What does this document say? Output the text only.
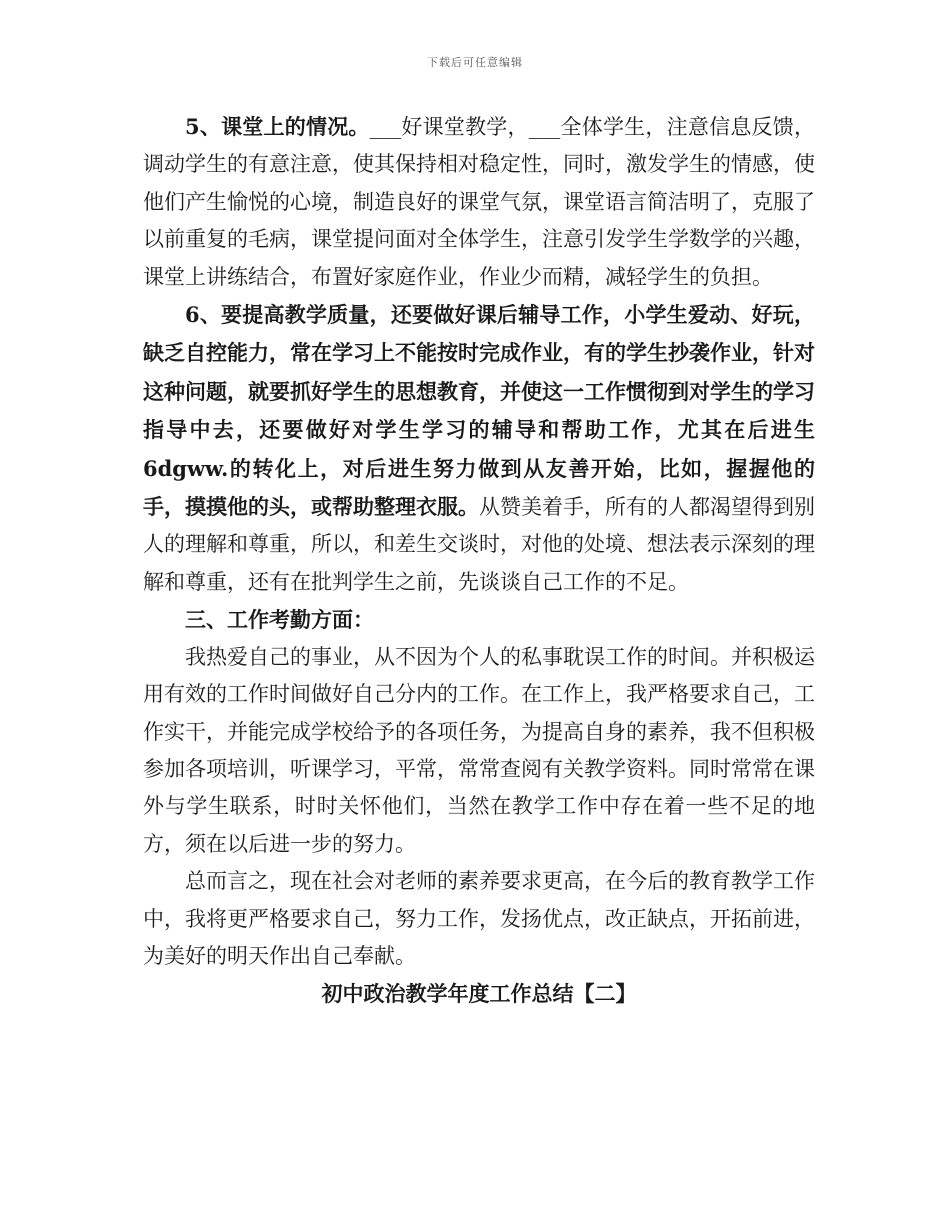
下载后可任意编辑

5、课堂上的情况。___好课堂教学，___全体学生，注意信息反馈，调动学生的有意注意，使其保持相对稳定性，同时，激发学生的情感，使他们产生愉悦的心境，制造良好的课堂气氛，课堂语言简洁明了，克服了以前重复的毛病，课堂提问面对全体学生，注意引发学生学数学的兴趣，课堂上讲练结合，布置好家庭作业，作业少而精，减轻学生的负担。

6、要提高教学质量，还要做好课后辅导工作，小学生爱动、好玩，缺乏自控能力，常在学习上不能按时完成作业，有的学生抄袭作业，针对这种问题，就要抓好学生的思想教育，并使这一工作惯彻到对学生的学习指导中去，还要做好对学生学习的辅导和帮助工作，尤其在后进生6dgww.的转化上，对后进生努力做到从友善开始，比如，握握他的手，摸摸他的头，或帮助整理衣服。从赞美着手，所有的人都渴望得到别人的理解和尊重，所以，和差生交谈时，对他的处境、想法表示深刻的理解和尊重，还有在批判学生之前，先谈谈自己工作的不足。

三、工作考勤方面：

我热爱自己的事业，从不因为个人的私事耽误工作的时间。并积极运用有效的工作时间做好自己分内的工作。在工作上，我严格要求自己，工作实干，并能完成学校给予的各项任务，为提高自身的素养，我不但积极参加各项培训，听课学习，平常，常常查阅有关教学资料。同时常常在课外与学生联系，时时关怀他们，当然在教学工作中存在着一些不足的地方，须在以后进一步的努力。

总而言之，现在社会对老师的素养要求更高，在今后的教育教学工作中，我将更严格要求自己，努力工作，发扬优点，改正缺点，开拓前进，为美好的明天作出自己奉献。

初中政治教学年度工作总结【二】
